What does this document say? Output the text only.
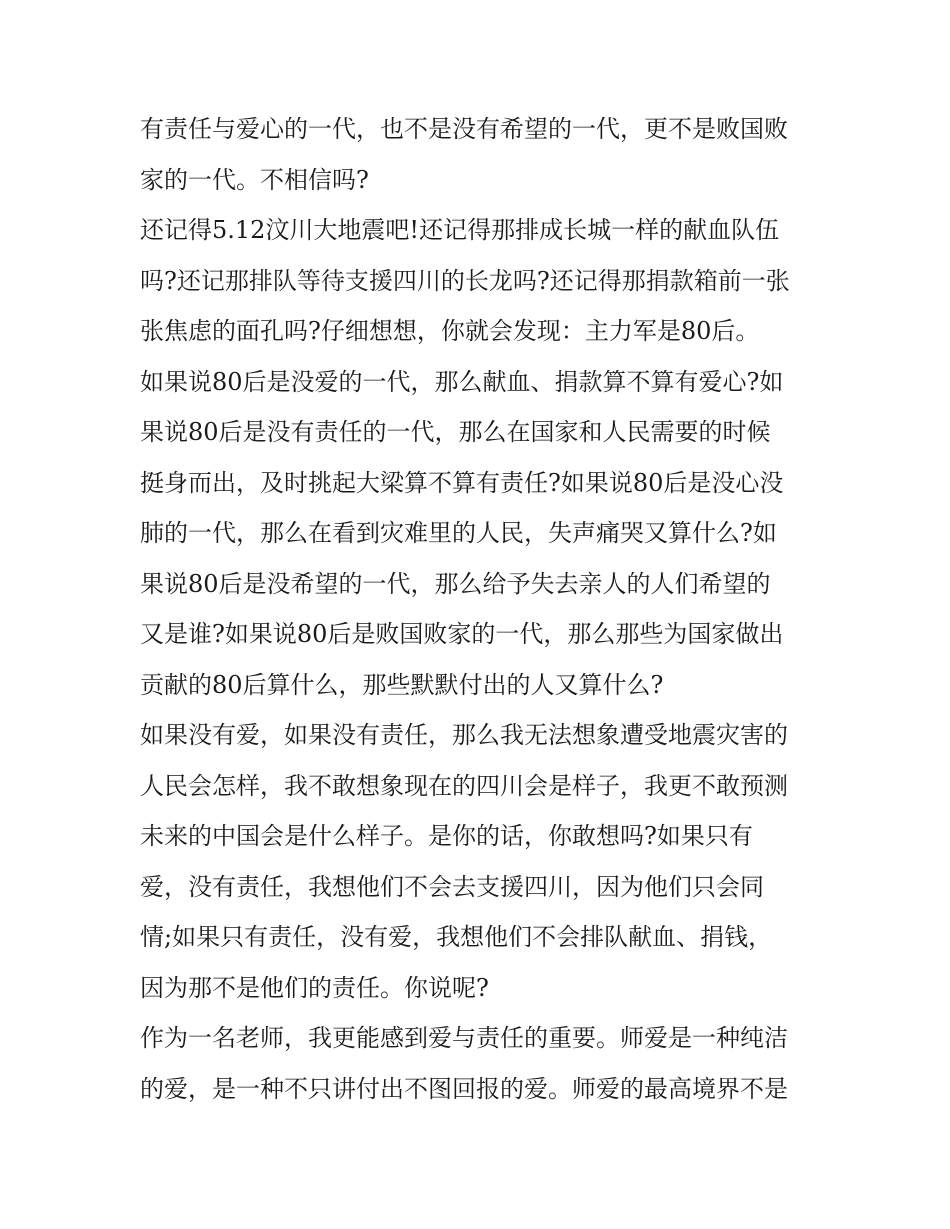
有责任与爱心的一代，也不是没有希望的一代，更不是败国败
家的一代。不相信吗?
还记得5.12汶川大地震吧!还记得那排成长城一样的献血队伍
吗?还记那排队等待支援四川的长龙吗?还记得那捐款箱前一张
张焦虑的面孔吗?仔细想想，你就会发现：主力军是80后。
如果说80后是没爱的一代，那么献血、捐款算不算有爱心?如
果说80后是没有责任的一代，那么在国家和人民需要的时候
挺身而出，及时挑起大梁算不算有责任?如果说80后是没心没
肺的一代，那么在看到灾难里的人民，失声痛哭又算什么?如
果说80后是没希望的一代，那么给予失去亲人的人们希望的
又是谁?如果说80后是败国败家的一代，那么那些为国家做出
贡献的80后算什么，那些默默付出的人又算什么?
如果没有爱，如果没有责任，那么我无法想象遭受地震灾害的
人民会怎样，我不敢想象现在的四川会是样子，我更不敢预测
未来的中国会是什么样子。是你的话，你敢想吗?如果只有
爱，没有责任，我想他们不会去支援四川，因为他们只会同
情;如果只有责任，没有爱，我想他们不会排队献血、捐钱，
因为那不是他们的责任。你说呢?
作为一名老师，我更能感到爱与责任的重要。师爱是一种纯洁
的爱，是一种不只讲付出不图回报的爱。师爱的最高境界不是
